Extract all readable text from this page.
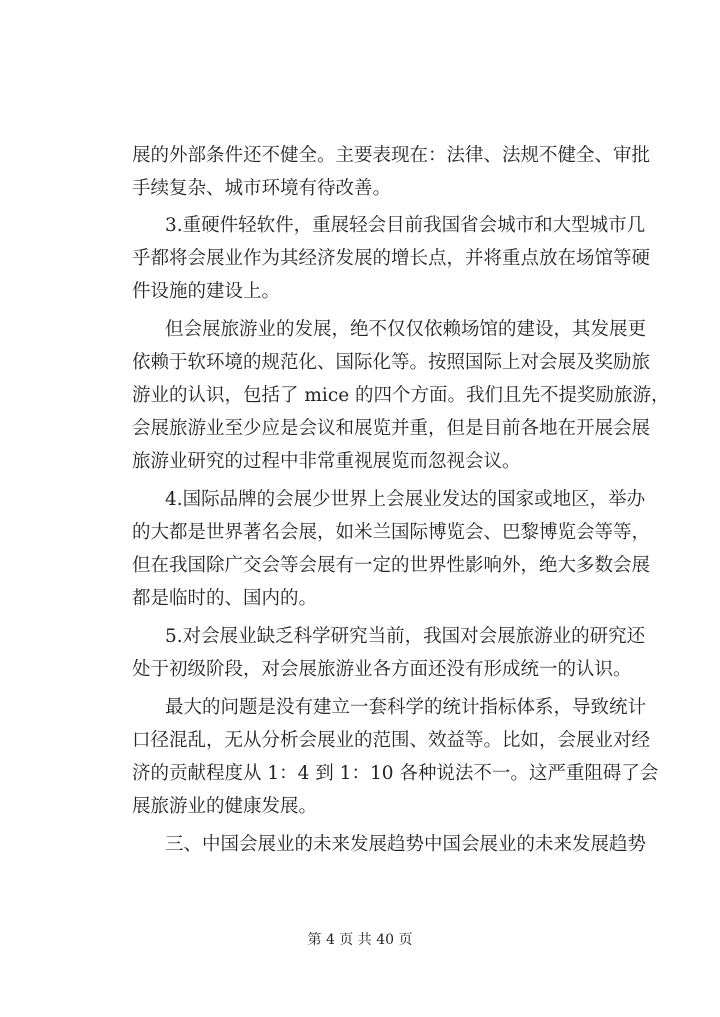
展的外部条件还不健全。主要表现在：法律、法规不健全、审批
手续复杂、城市环境有待改善。
3.重硬件轻软件，重展轻会目前我国省会城市和大型城市几
乎都将会展业作为其经济发展的增长点，并将重点放在场馆等硬
件设施的建设上。
但会展旅游业的发展，绝不仅仅依赖场馆的建设，其发展更
依赖于软环境的规范化、国际化等。按照国际上对会展及奖励旅
游业的认识，包括了 mice 的四个方面。我们且先不提奖励旅游，
会展旅游业至少应是会议和展览并重，但是目前各地在开展会展
旅游业研究的过程中非常重视展览而忽视会议。
4.国际品牌的会展少世界上会展业发达的国家或地区，举办
的大都是世界著名会展，如米兰国际博览会、巴黎博览会等等，
但在我国除广交会等会展有一定的世界性影响外，绝大多数会展
都是临时的、国内的。
5.对会展业缺乏科学研究当前，我国对会展旅游业的研究还
处于初级阶段，对会展旅游业各方面还没有形成统一的认识。
最大的问题是没有建立一套科学的统计指标体系，导致统计
口径混乱，无从分析会展业的范围、效益等。比如，会展业对经
济的贡献程度从 1：4 到 1：10 各种说法不一。这严重阻碍了会
展旅游业的健康发展。
三、中国会展业的未来发展趋势中国会展业的未来发展趋势
第 4 页 共 40 页
